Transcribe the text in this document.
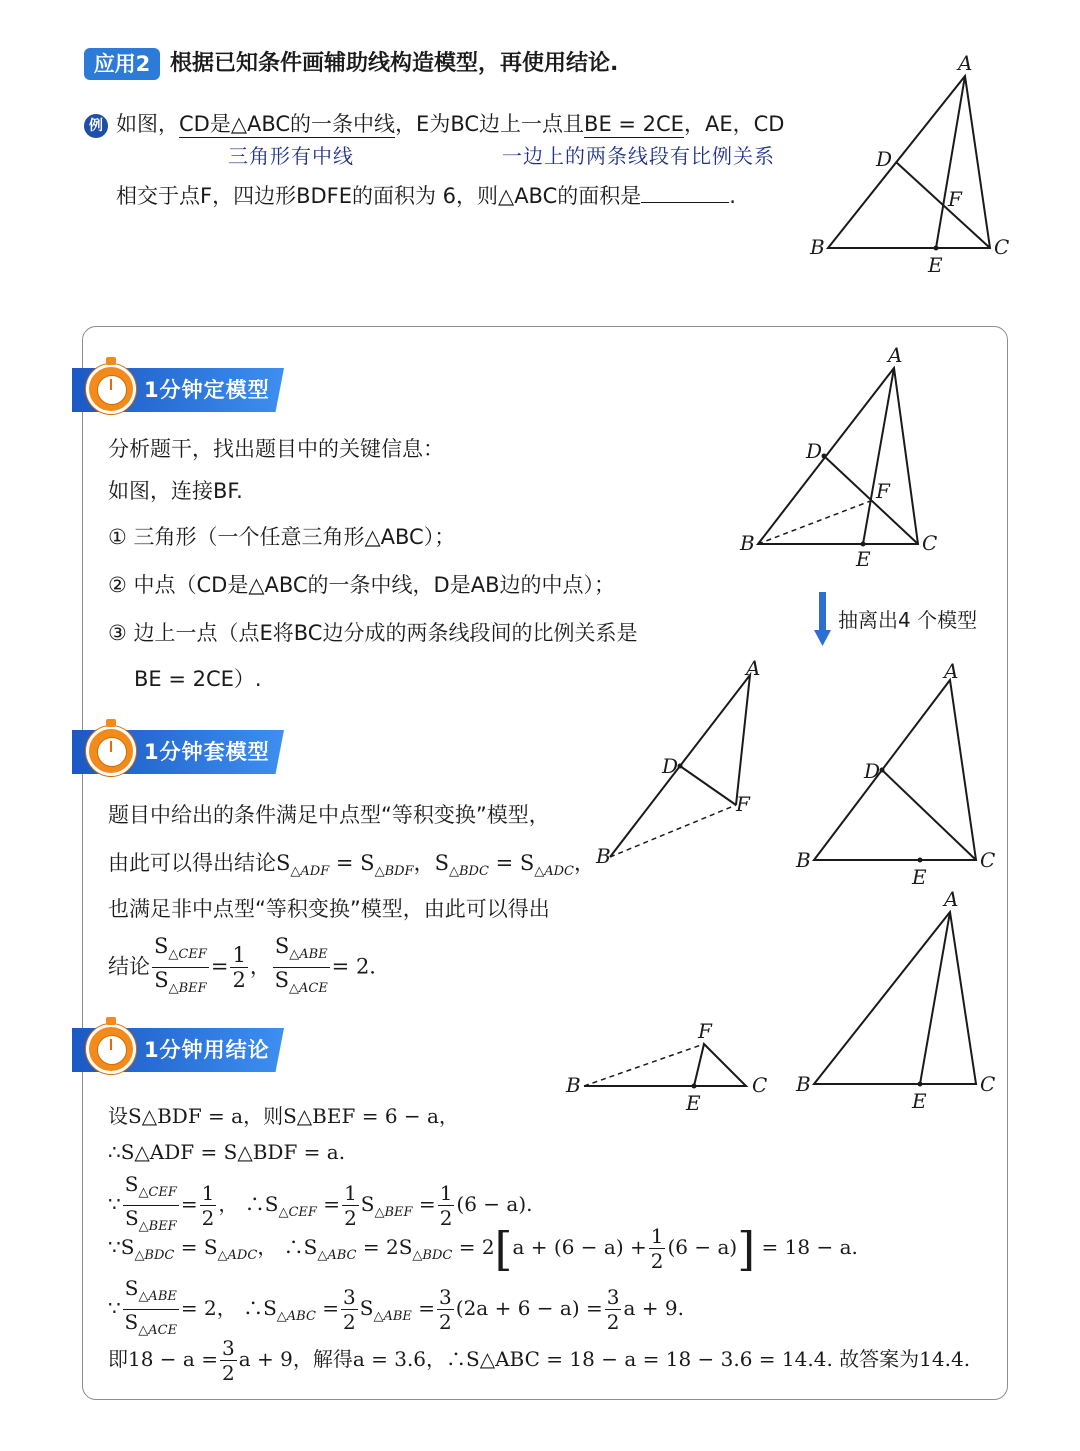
应用2 根据已知条件画辅助线构造模型，再使用结论.
例 如图，CD是△ABC的一条中线，E为BC边上一点且BE = 2CE，AE，CD
三角形有中线	一边上的两条线段有比例关系
相交于点F，四边形BDFE的面积为 6，则△ABC的面积是	.
A
D
F
B	C
E
1分钟定模型
分析题干，找出题目中的关键信息：
如图，连接BF.
① 三角形（一个任意三角形△ABC）；
② 中点（CD是△ABC的一条中线，D是AB边的中点）；
③ 边上一点（点E将BC边分成的两条线段间的比例关系是
BE = 2CE）.
A
D
F
B	C
E
抽离出4 个模型
1分钟套模型
题目中给出的条件满足中点型“等积变换”模型，
由此可以得出结论$S_{\triangle ADF} = S_{\triangle BDF}$，$S_{\triangle BDC} = S_{\triangle ADC}$，
也满足非中点型“等积变换”模型，由此可以得出
结论 $\frac{S_{\triangle CEF}}{S_{\triangle BEF}} = \frac{1}{2}$ ， $\frac{S_{\triangle ABE}}{S_{\triangle ACE}} = 2$.
A
D
F
B
A
D
B	C
E
1分钟用结论
F
B	C
E
A
B	C
E
设S△BDF = a，则S△BEF = 6 − a，
∴S△ADF = S△BDF = a.
∵ $\frac{S_{\triangle CEF}}{S_{\triangle BEF}} = \frac{1}{2}$ ， $\therefore S_{\triangle CEF} = \frac{1}{2} S_{\triangle BEF} = \frac{1}{2} (6 - a)$.
$\because S_{\triangle BDC} = S_{\triangle ADC}$， $\therefore S_{\triangle ABC} = 2S_{\triangle BDC} = 2[a + (6 - a) + \frac{1}{2} (6 - a)] = 18 - a$.
∵ $\frac{S_{\triangle ABE}}{S_{\triangle ACE}} = 2$， $\therefore S_{\triangle ABC} = \frac{3}{2} S_{\triangle ABE} = \frac{3}{2} (2a + 6 - a) = \frac{3}{2}$ a + 9.
即$18 - a = \frac{3}{2}$ a + 9，解得a = 3.6，∴S△ABC = 18 − a = 18 − 3.6 = 14.4. 故答案为14.4.
